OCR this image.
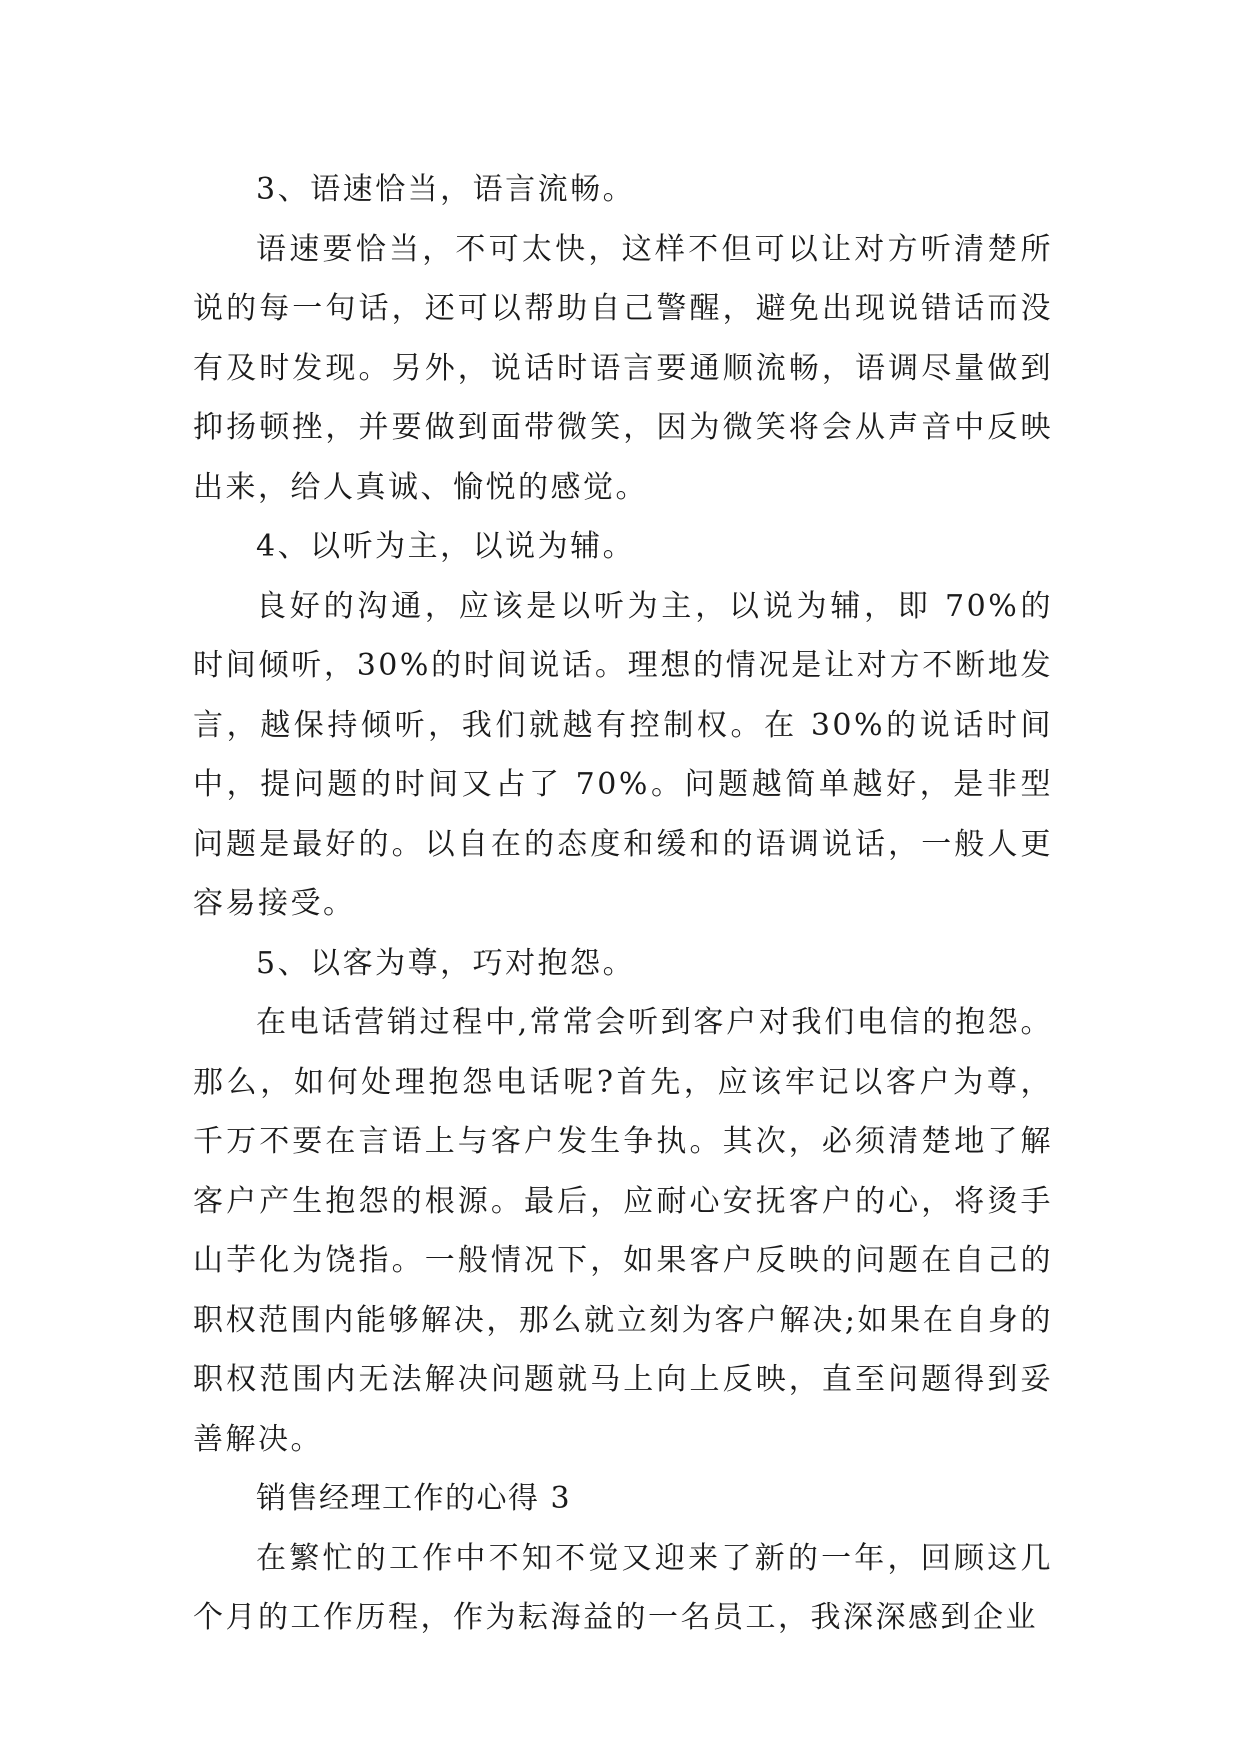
3、语速恰当，语言流畅。

语速要恰当，不可太快，这样不但可以让对方听清楚所说的每一句话，还可以帮助自己警醒，避免出现说错话而没有及时发现。另外，说话时语言要通顺流畅，语调尽量做到抑扬顿挫，并要做到面带微笑，因为微笑将会从声音中反映出来，给人真诚、愉悦的感觉。

4、以听为主，以说为辅。

良好的沟通，应该是以听为主，以说为辅，即 70%的时间倾听，30%的时间说话。理想的情况是让对方不断地发言，越保持倾听，我们就越有控制权。在 30%的说话时间中，提问题的时间又占了 70%。问题越简单越好，是非型问题是最好的。以自在的态度和缓和的语调说话，一般人更容易接受。

5、以客为尊，巧对抱怨。

在电话营销过程中,常常会听到客户对我们电信的抱怨。那么，如何处理抱怨电话呢?首先，应该牢记以客户为尊，千万不要在言语上与客户发生争执。其次，必须清楚地了解客户产生抱怨的根源。最后，应耐心安抚客户的心，将烫手山芋化为饶指。一般情况下，如果客户反映的问题在自己的职权范围内能够解决，那么就立刻为客户解决;如果在自身的职权范围内无法解决问题就马上向上反映，直至问题得到妥善解决。

销售经理工作的心得 3

在繁忙的工作中不知不觉又迎来了新的一年，回顾这几个月的工作历程，作为耘海益的一名员工，我深深感到企业
